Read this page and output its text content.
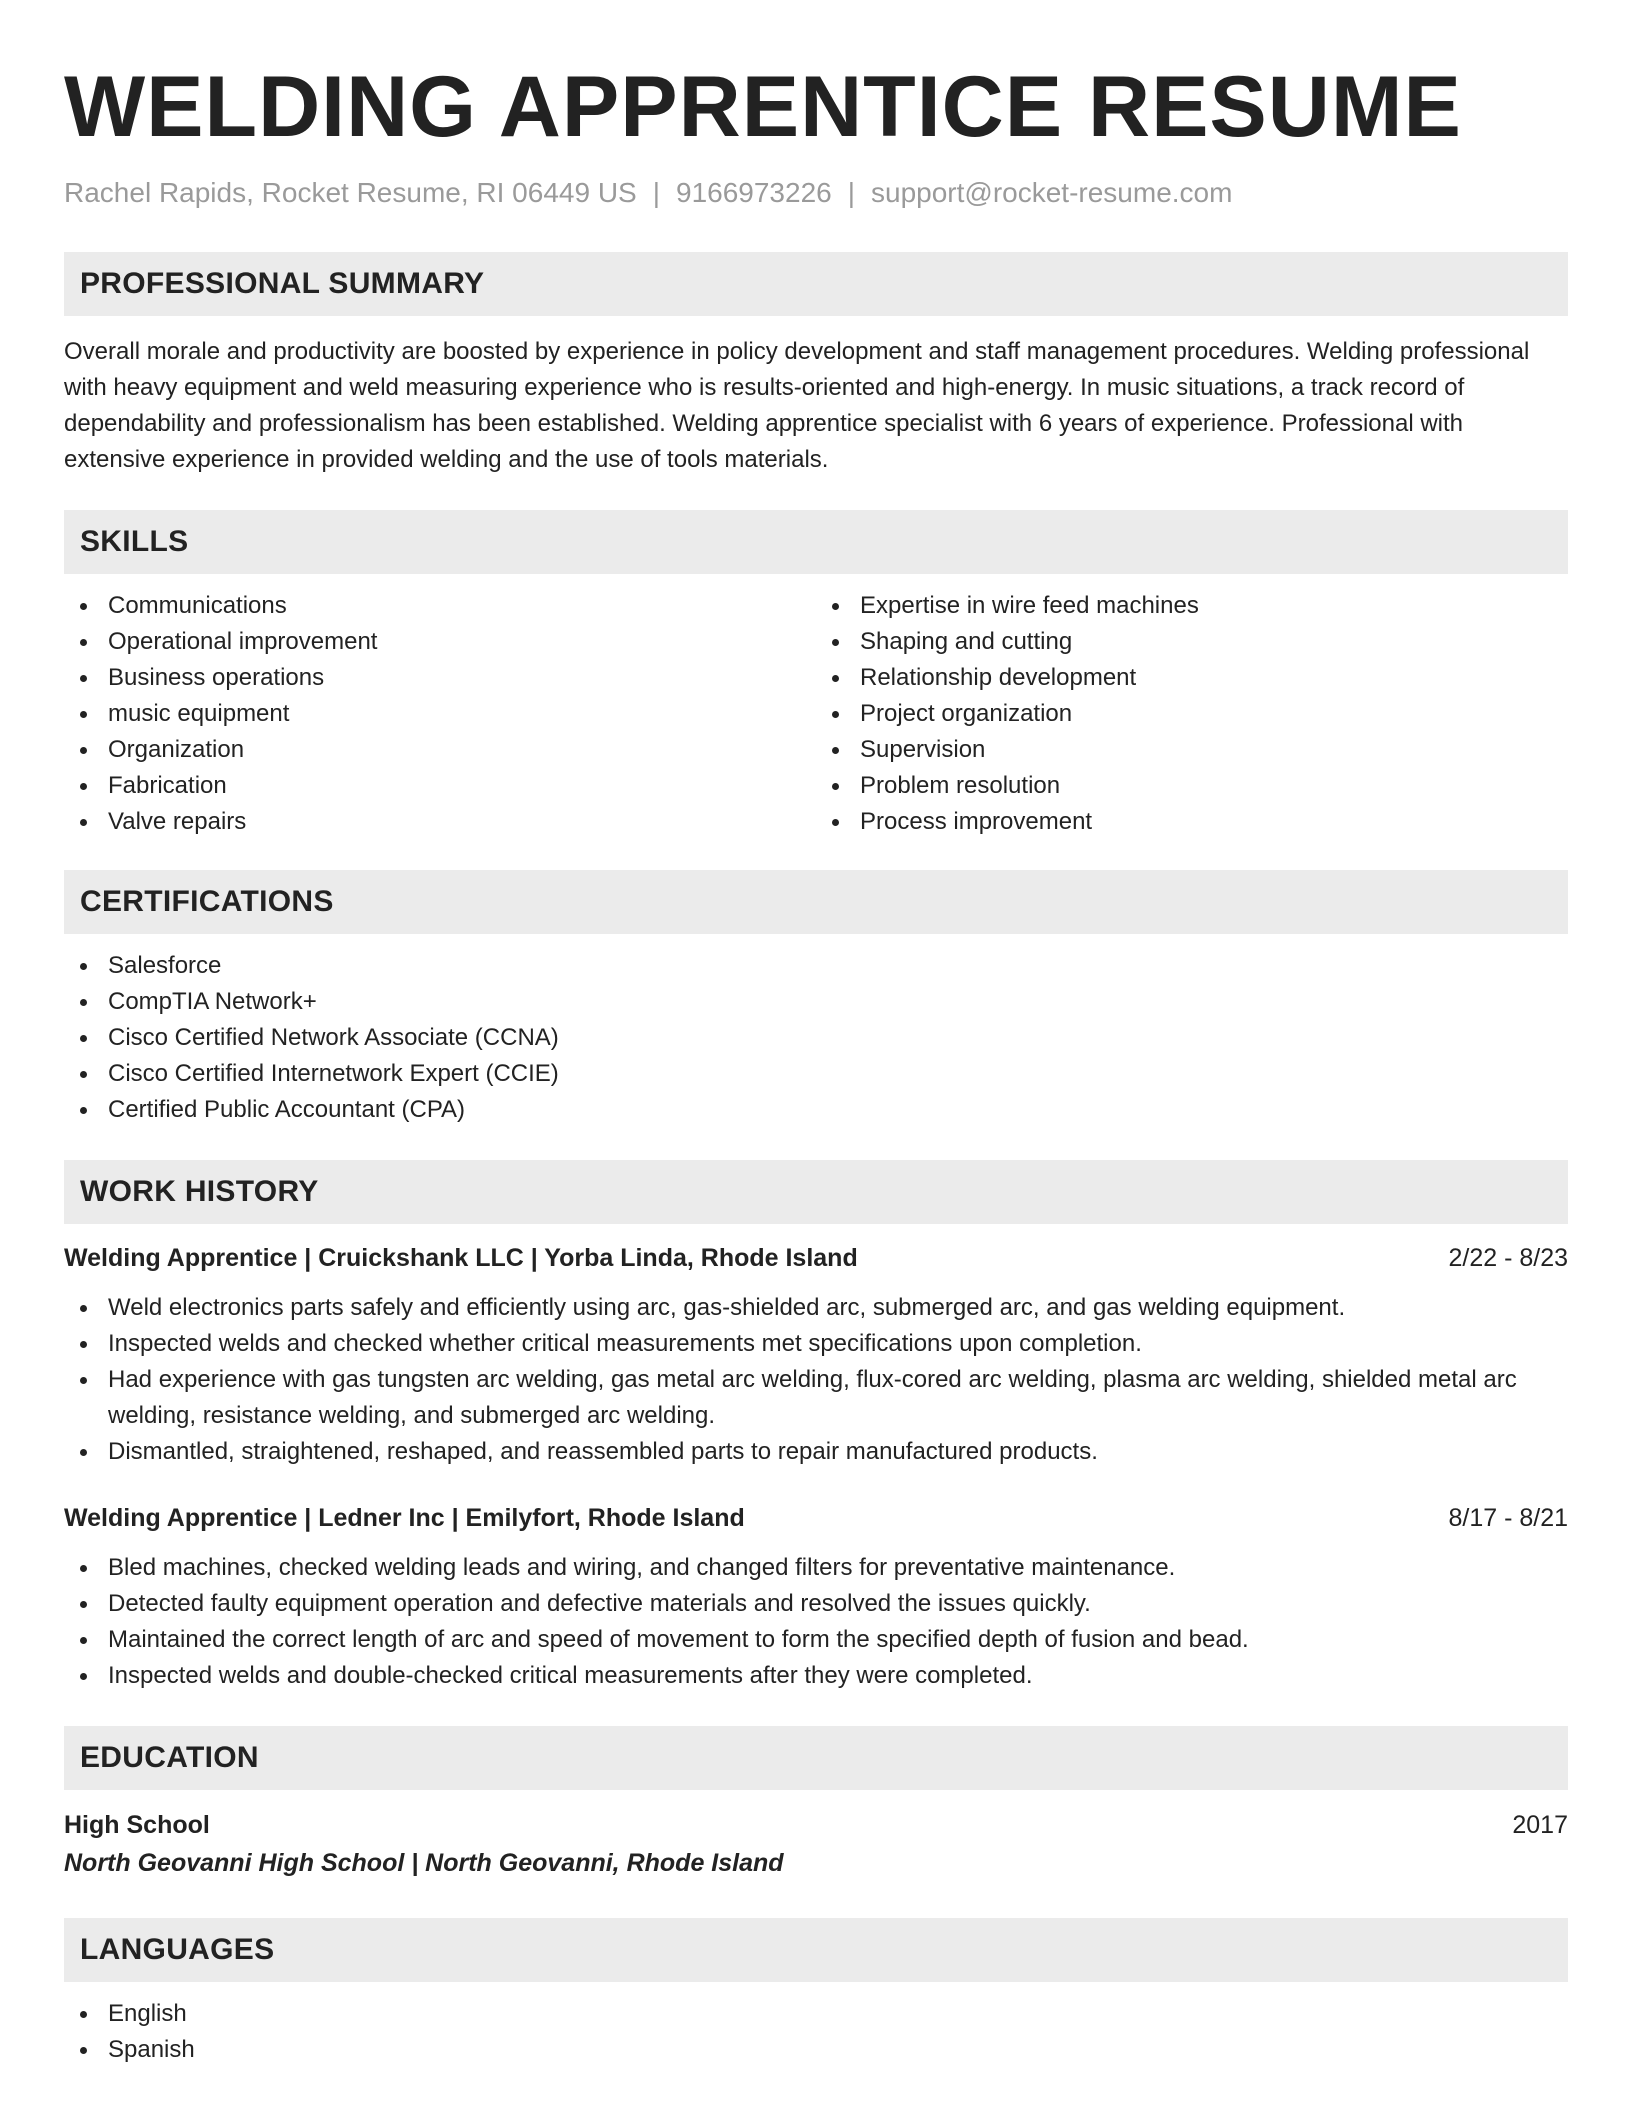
WELDING APPRENTICE RESUME
Rachel Rapids, Rocket Resume, RI 06449 US | 9166973226 | support@rocket-resume.com
PROFESSIONAL SUMMARY

Overall morale and productivity are boosted by experience in policy development and staff management procedures. Welding professional with heavy equipment and weld measuring experience who is results-oriented and high-energy. In music situations, a track record of dependability and professionalism has been established. Welding apprentice specialist with 6 years of experience. Professional with extensive experience in provided welding and the use of tools materials.

SKILLS
Communications
Operational improvement
Business operations
music equipment
Organization
Fabrication
Valve repairs
Expertise in wire feed machines
Shaping and cutting
Relationship development
Project organization
Supervision
Problem resolution
Process improvement
CERTIFICATIONS
Salesforce
CompTIA Network+
Cisco Certified Network Associate (CCNA)
Cisco Certified Internetwork Expert (CCIE)
Certified Public Accountant (CPA)
WORK HISTORY
Welding Apprentice | Cruickshank LLC | Yorba Linda, Rhode Island	2/22 - 8/23
Weld electronics parts safely and efficiently using arc, gas-shielded arc, submerged arc, and gas welding equipment.
Inspected welds and checked whether critical measurements met specifications upon completion.
Had experience with gas tungsten arc welding, gas metal arc welding, flux-cored arc welding, plasma arc welding, shielded metal arc welding, resistance welding, and submerged arc welding.
Dismantled, straightened, reshaped, and reassembled parts to repair manufactured products.
Welding Apprentice | Ledner Inc | Emilyfort, Rhode Island	8/17 - 8/21
Bled machines, checked welding leads and wiring, and changed filters for preventative maintenance.
Detected faulty equipment operation and defective materials and resolved the issues quickly.
Maintained the correct length of arc and speed of movement to form the specified depth of fusion and bead.
Inspected welds and double-checked critical measurements after they were completed.
EDUCATION
High School	2017
North Geovanni High School | North Geovanni, Rhode Island
LANGUAGES
English
Spanish
